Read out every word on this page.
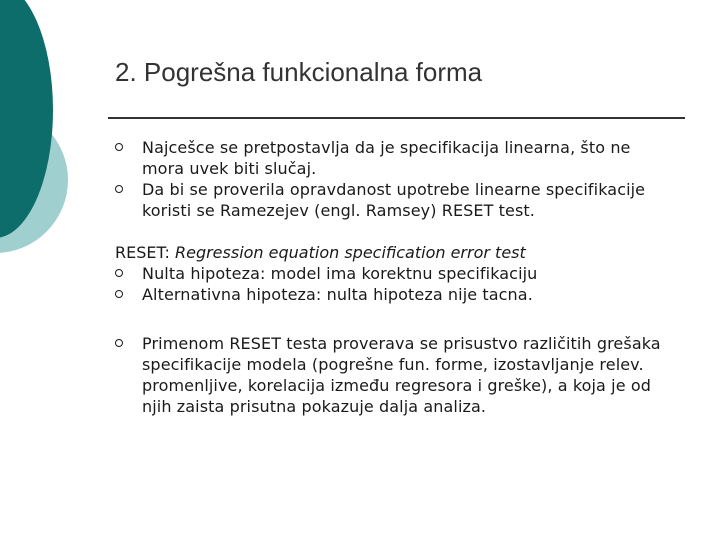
2. Pogrešna funkcionalna forma
Najcešce se pretpostavlja da je specifikacija linearna, što ne mora uvek biti slučaj.
Da bi se proverila opravdanost upotrebe linearne specifikacije koristi se Ramezejev (engl. Ramsey) RESET test.
RESET: Regression equation specification error test
Nulta hipoteza: model ima korektnu specifikaciju
Alternativna hipoteza: nulta hipoteza nije tacna.
Primenom RESET testa proverava se prisustvo različitih grešaka specifikacije modela (pogrešne fun. forme, izostavljanje relev. promenljive, korelacija između regresora i greške), a koja je od njih zaista prisutna pokazuje dalja analiza.
